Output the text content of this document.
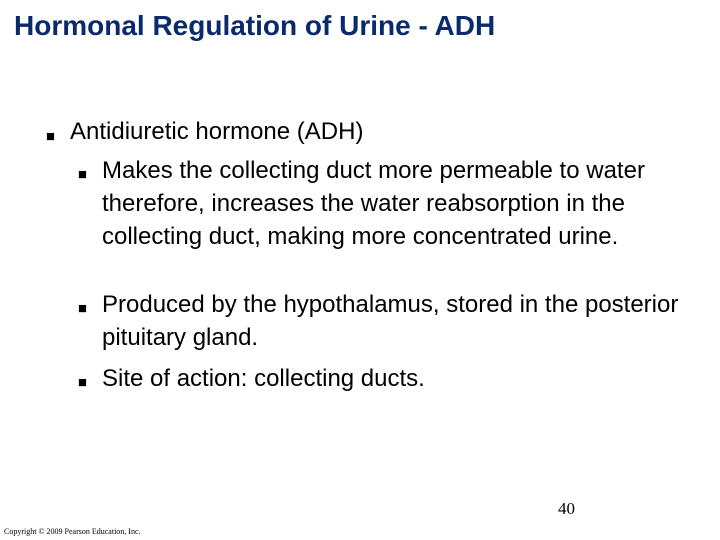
Hormonal Regulation of Urine - ADH
■ Antidiuretic hormone (ADH)
■ Makes the collecting duct more permeable to water therefore, increases the water reabsorption in the collecting duct, making more concentrated urine.
■ Produced by the hypothalamus, stored in the posterior pituitary gland.
■ Site of action: collecting ducts.
40
Copyright © 2009 Pearson Education, Inc.
